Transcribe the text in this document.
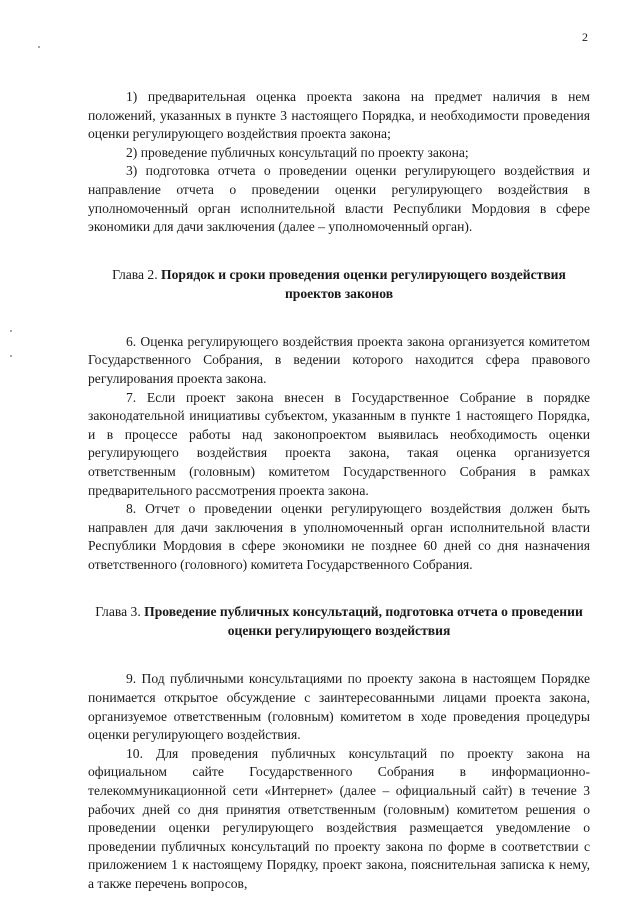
2

1) предварительная оценка проекта закона на предмет наличия в нем положений, указанных в пункте 3 настоящего Порядка, и необходимости проведения оценки регулирующего воздействия проекта закона;

2) проведение публичных консультаций по проекту закона;

3) подготовка отчета о проведении оценки регулирующего воздействия и направление отчета о проведении оценки регулирующего воздействия в уполномоченный орган исполнительной власти Республики Мордовия в сфере экономики для дачи заключения (далее – уполномоченный орган).

Глава 2. Порядок и сроки проведения оценки регулирующего воздействия проектов законов

6. Оценка регулирующего воздействия проекта закона организуется комитетом Государственного Собрания, в ведении которого находится сфера правового регулирования проекта закона.

7. Если проект закона внесен в Государственное Собрание в порядке законодательной инициативы субъектом, указанным в пункте 1 настоящего Порядка, и в процессе работы над законопроектом выявилась необходимость оценки регулирующего воздействия проекта закона, такая оценка организуется ответственным (головным) комитетом Государственного Собрания в рамках предварительного рассмотрения проекта закона.

8. Отчет о проведении оценки регулирующего воздействия должен быть направлен для дачи заключения в уполномоченный орган исполнительной власти Республики Мордовия в сфере экономики не позднее 60 дней со дня назначения ответственного (головного) комитета Государственного Собрания.

Глава 3. Проведение публичных консультаций, подготовка отчета о проведении оценки регулирующего воздействия

9. Под публичными консультациями по проекту закона в настоящем Порядке понимается открытое обсуждение с заинтересованными лицами проекта закона, организуемое ответственным (головным) комитетом в ходе проведения процедуры оценки регулирующего воздействия.

10. Для проведения публичных консультаций по проекту закона на официальном сайте Государственного Собрания в информационно-телекоммуникационной сети «Интернет» (далее – официальный сайт) в течение 3 рабочих дней со дня принятия ответственным (головным) комитетом решения о проведении оценки регулирующего воздействия размещается уведомление о проведении публичных консультаций по проекту закона по форме в соответствии с приложением 1 к настоящему Порядку, проект закона, пояснительная записка к нему, а также перечень вопросов,
